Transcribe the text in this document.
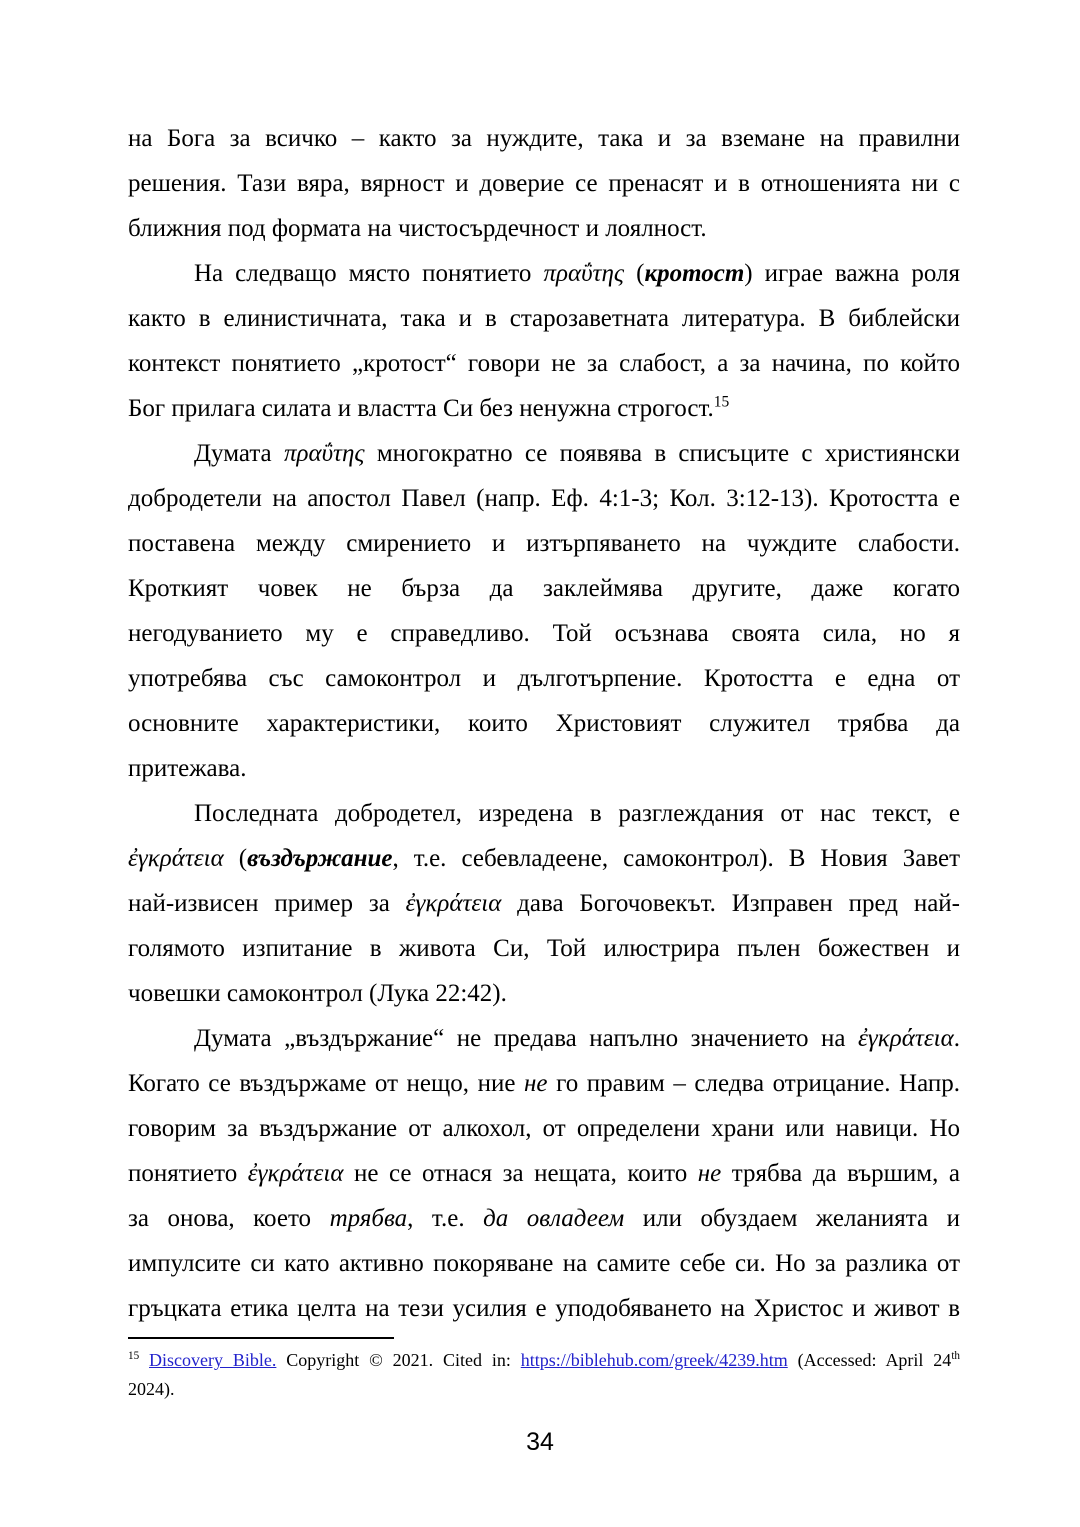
на Бога за всичко – както за нуждите, така и за вземане на правилни
решения. Тази вяра, вярност и доверие се пренасят и в отношенията ни с
ближния под формата на чистосърдечност и лоялност.
На следващо място понятието πραΰτης (кротост) играе важна роля
както в елинистичната, така и в старозаветната литература. В библейски
контекст понятието „кротост“ говори не за слабост, а за начина, по който
Бог прилага силата и властта Си без ненужна строгост.$^{15}$
Думата πραΰτης многократно се появява в списъците с християнски
добродетели на апостол Павел (напр. Еф. 4:1-3; Кол. 3:12-13). Кротостта е
поставена между смирението и изтърпяването на чуждите слабости.
Кроткият човек не бърза да заклеймява другите, даже когато
негодуванието му е справедливо. Той осъзнава своята сила, но я
употребява със самоконтрол и дълготърпение. Кротостта е една от
основните характеристики, които Христовият служител трябва да
притежава.
Последната добродетел, изредена в разглеждания от нас текст, е
ἐγκράτεια (въздържание, т.е. себевладеене, самоконтрол). В Новия Завет
най-извисен пример за ἐγκράτεια дава Богочовекът. Изправен пред най-
голямото изпитание в живота Си, Той илюстрира пълен божествен и
човешки самоконтрол (Лука 22:42).
Думата „въздържание“ не предава напълно значението на ἐγκράτεια.
Когато се въздържаме от нещо, ние не го правим – следва отрицание. Напр.
говорим за въздържание от алкохол, от определени храни или навици. Но
понятието ἐγκράτεια не се отнася за нещата, които не трябва да вършим, а
за онова, което трябва, т.е. да овладеем или обуздаем желанията и
импулсите си като активно покоряване на самите себе си. Но за разлика от
гръцката етика целта на тези усилия е уподобяването на Христос и живот в
$^{15}$ Discovery Bible. Copyright © 2021. Cited in: https://biblehub.com/greek/4239.htm (Accessed: April 24th
2024).
34
